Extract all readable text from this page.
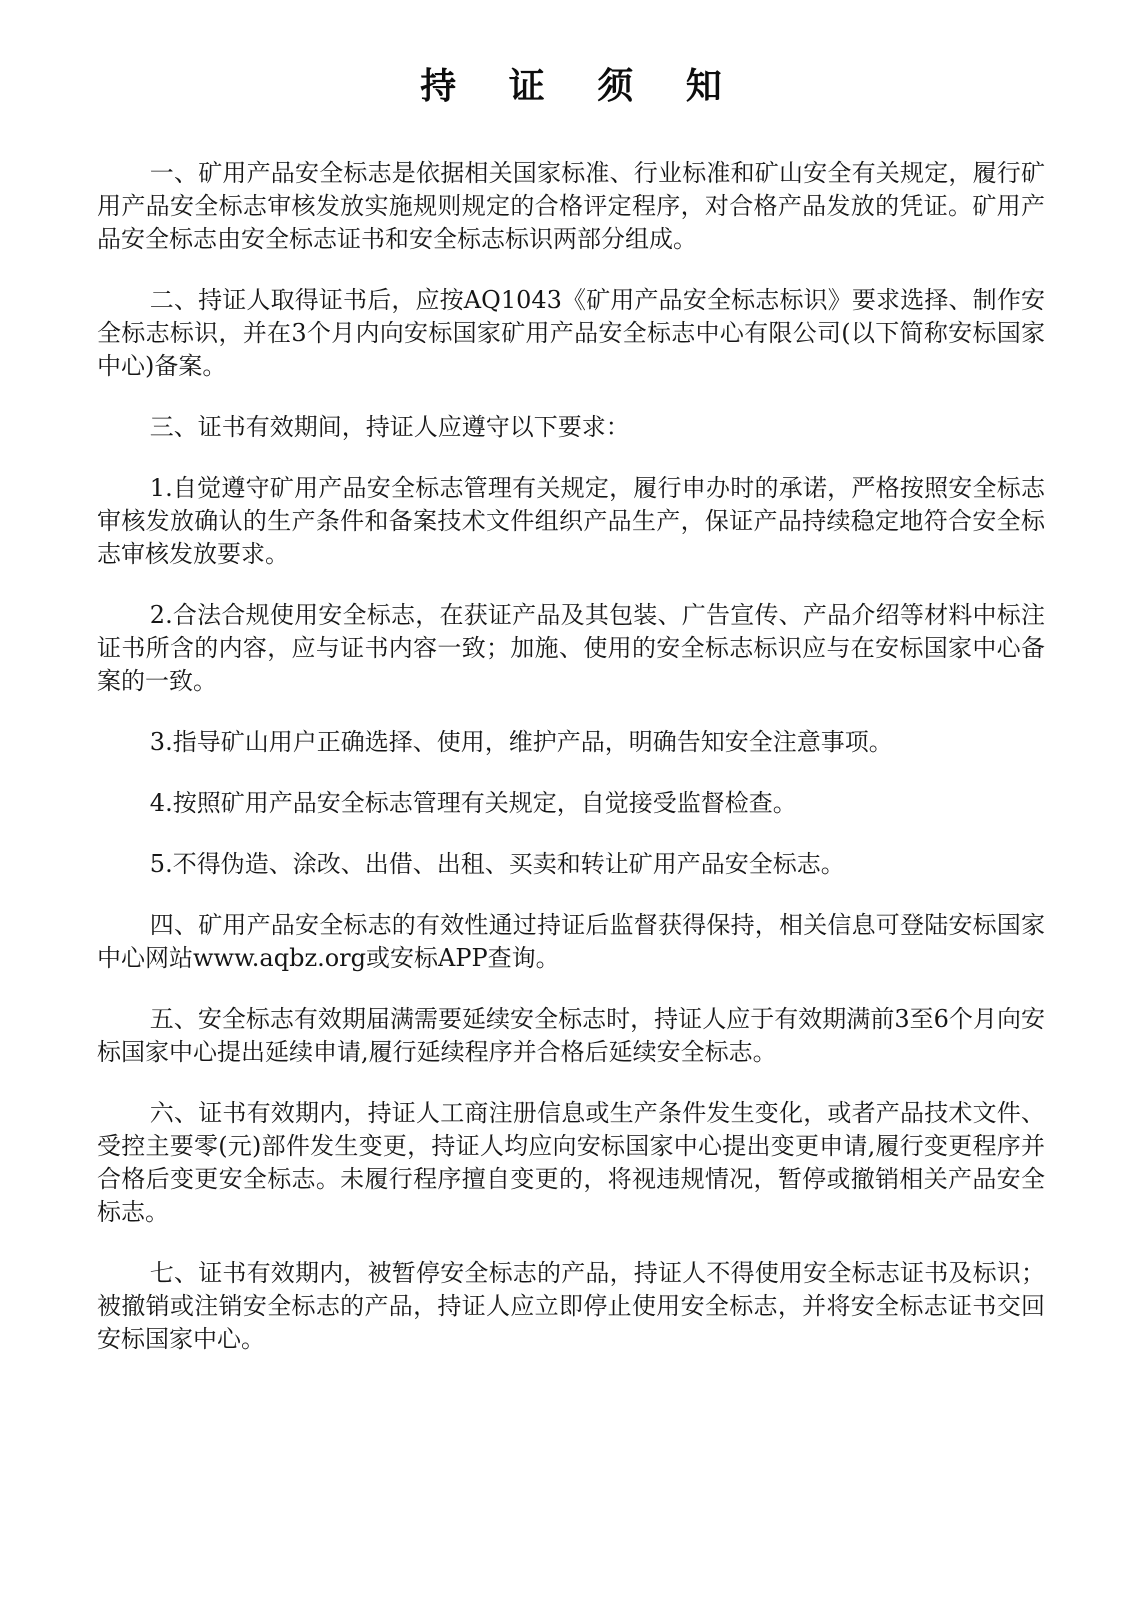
持 证 须 知

一、矿用产品安全标志是依据相关国家标准、行业标准和矿山安全有关规定，履行矿用产品安全标志审核发放实施规则规定的合格评定程序，对合格产品发放的凭证。矿用产品安全标志由安全标志证书和安全标志标识两部分组成。

二、持证人取得证书后，应按AQ1043《矿用产品安全标志标识》要求选择、制作安全标志标识，并在3个月内向安标国家矿用产品安全标志中心有限公司(以下简称安标国家中心)备案。

三、证书有效期间，持证人应遵守以下要求：

1.自觉遵守矿用产品安全标志管理有关规定，履行申办时的承诺，严格按照安全标志审核发放确认的生产条件和备案技术文件组织产品生产，保证产品持续稳定地符合安全标志审核发放要求。

2.合法合规使用安全标志，在获证产品及其包装、广告宣传、产品介绍等材料中标注证书所含的内容，应与证书内容一致；加施、使用的安全标志标识应与在安标国家中心备案的一致。

3.指导矿山用户正确选择、使用，维护产品，明确告知安全注意事项。

4.按照矿用产品安全标志管理有关规定，自觉接受监督检查。

5.不得伪造、涂改、出借、出租、买卖和转让矿用产品安全标志。

四、矿用产品安全标志的有效性通过持证后监督获得保持，相关信息可登陆安标国家中心网站www.aqbz.org或安标APP查询。

五、安全标志有效期届满需要延续安全标志时，持证人应于有效期满前3至6个月向安标国家中心提出延续申请,履行延续程序并合格后延续安全标志。

六、证书有效期内，持证人工商注册信息或生产条件发生变化，或者产品技术文件、受控主要零(元)部件发生变更，持证人均应向安标国家中心提出变更申请,履行变更程序并合格后变更安全标志。未履行程序擅自变更的，将视违规情况，暂停或撤销相关产品安全标志。

七、证书有效期内，被暂停安全标志的产品，持证人不得使用安全标志证书及标识；被撤销或注销安全标志的产品，持证人应立即停止使用安全标志，并将安全标志证书交回安标国家中心。
